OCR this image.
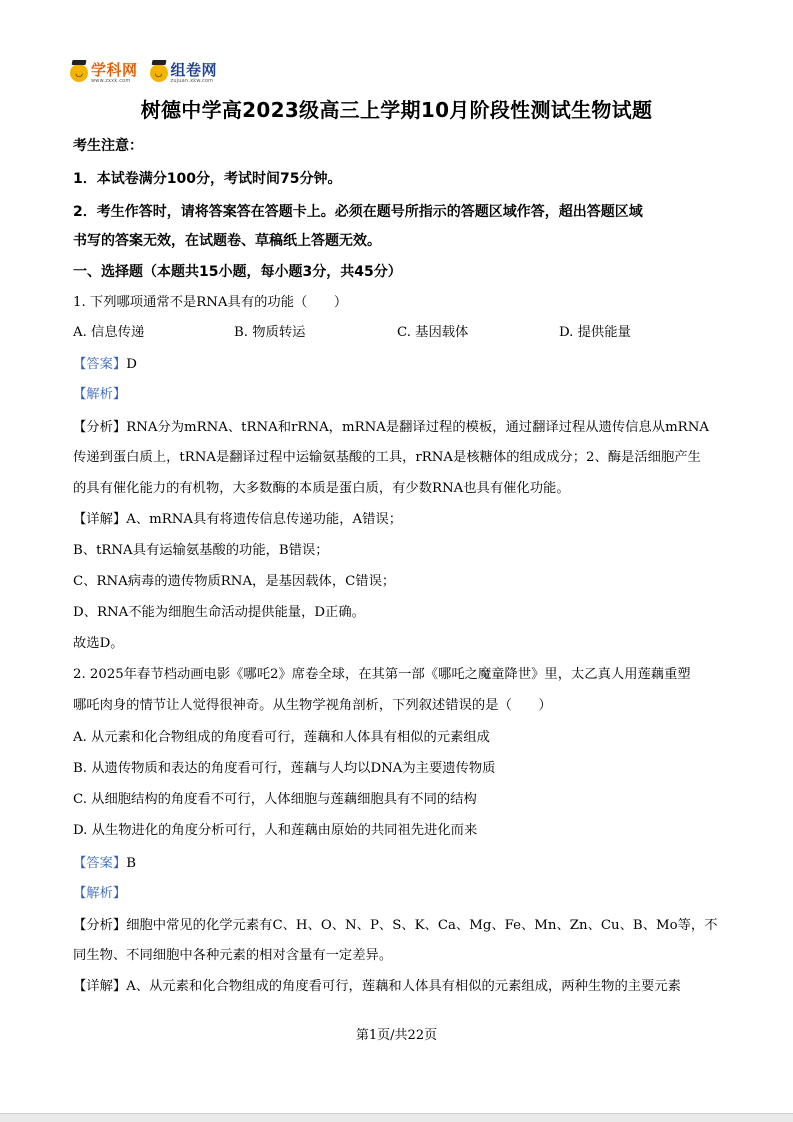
◡ 学科网
www.zxxk.com
◡ 组卷网
zujuan.xkw.com
树德中学高2023级高三上学期10月阶段性测试生物试题
考生注意：
1．本试卷满分100分，考试时间75分钟。
2．考生作答时，请将答案答在答题卡上。必须在题号所指示的答题区域作答，超出答题区域
书写的答案无效，在试题卷、草稿纸上答题无效。
一、选择题（本题共15小题，每小题3分，共45分）
1. 下列哪项通常不是RNA具有的功能（　　）
A. 信息传递	B. 物质转运	C. 基因载体	D. 提供能量
【答案】D
【解析】
【分析】RNA分为mRNA、tRNA和rRNA，mRNA是翻译过程的模板，通过翻译过程从遗传信息从mRNA
传递到蛋白质上，tRNA是翻译过程中运输氨基酸的工具，rRNA是核糖体的组成成分；2、酶是活细胞产生
的具有催化能力的有机物，大多数酶的本质是蛋白质，有少数RNA也具有催化功能。
【详解】A、mRNA具有将遗传信息传递功能，A错误；
B、tRNA具有运输氨基酸的功能，B错误；
C、RNA病毒的遗传物质RNA，是基因载体，C错误；
D、RNA不能为细胞生命活动提供能量，D正确。
故选D。
2. 2025年春节档动画电影《哪吒2》席卷全球，在其第一部《哪吒之魔童降世》里，太乙真人用莲藕重塑
哪吒肉身的情节让人觉得很神奇。从生物学视角剖析，下列叙述错误的是（　　）
A. 从元素和化合物组成的角度看可行，莲藕和人体具有相似的元素组成
B. 从遗传物质和表达的角度看可行，莲藕与人均以DNA为主要遗传物质
C. 从细胞结构的角度看不可行，人体细胞与莲藕细胞具有不同的结构
D. 从生物进化的角度分析可行，人和莲藕由原始的共同祖先进化而来
【答案】B
【解析】
【分析】细胞中常见的化学元素有C、H、O、N、P、S、K、Ca、Mg、Fe、Mn、Zn、Cu、B、Mo等，不
同生物、不同细胞中各种元素的相对含量有一定差异。
【详解】A、从元素和化合物组成的角度看可行，莲藕和人体具有相似的元素组成，两种生物的主要元素
第1页/共22页
